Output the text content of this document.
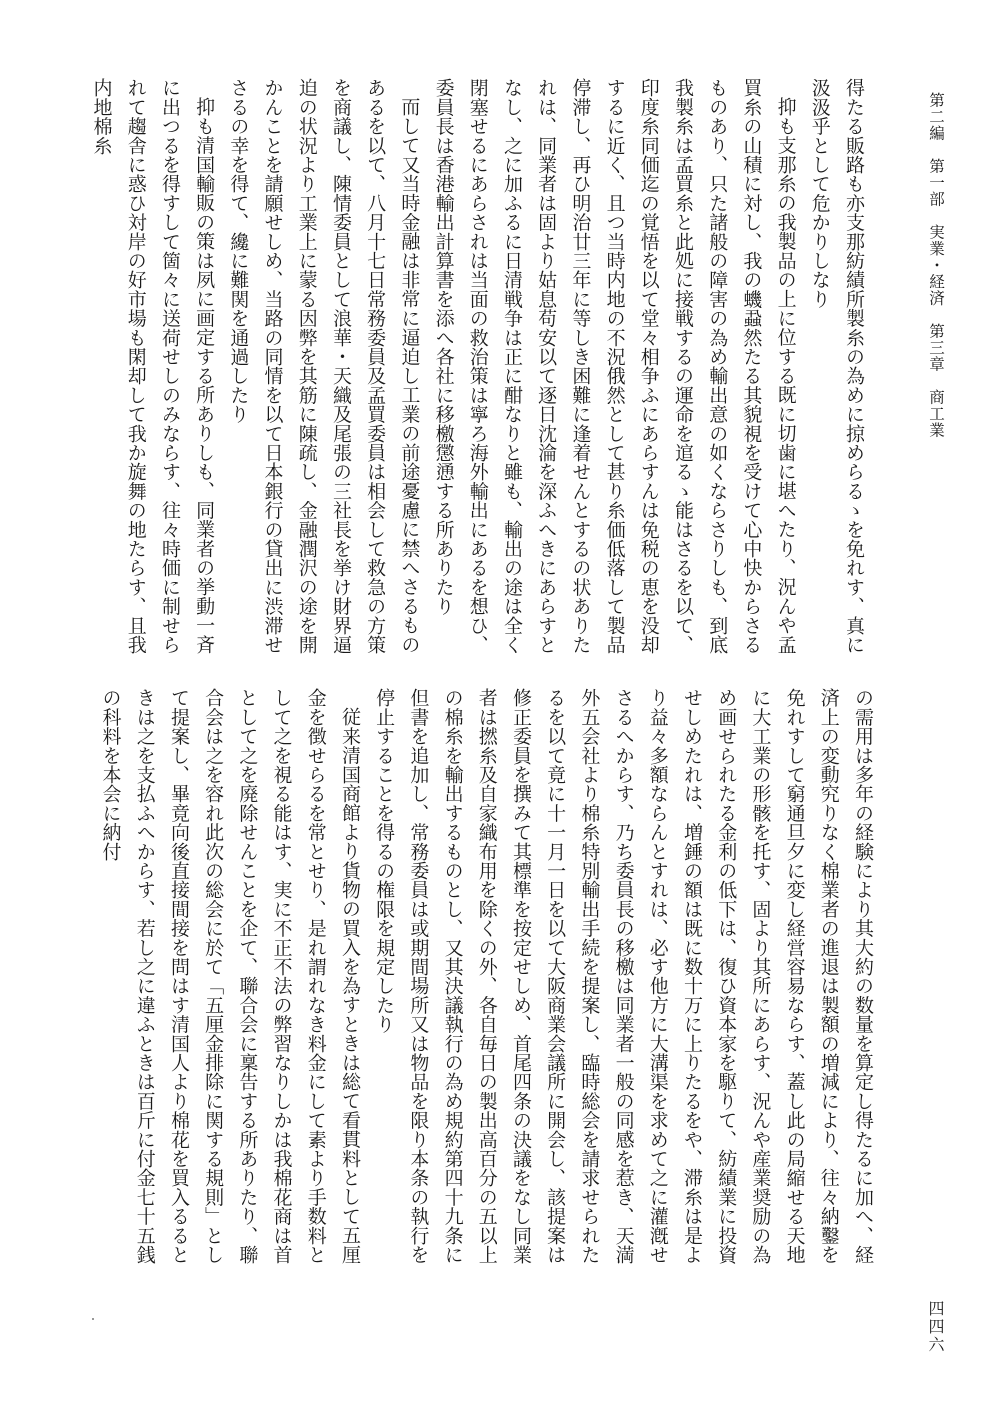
第二編　第一部　実業・経済　第三章　商工業
得たる販路も亦支那紡績所製糸の為めに掠めらるゝを免れす、真に汲汲乎として危かりしなり
抑も支那糸の我製品の上に位する既に切歯に堪へたり、況んや孟買糸の山積に対し、我の蟣蝨然たる其貌視を受けて心中快からさるものあり、只た諸般の障害の為め輸出意の如くならさりしも、到底我製糸は孟買糸と此処に接戦するの運命を逭るゝ能はさるを以て、印度糸同価迄の覚悟を以て堂々相争ふにあらすんは免税の恵を没却するに近く、且つ当時内地の不況俄然として甚り糸価低落して製品停滞し、再ひ明治廿三年に等しき困難に逢着せんとするの状ありたれは、同業者は固より姑息苟安以て逐日沈淪を深ふへきにあらすとなし、之に加ふるに日清戦争は正に酣なりと雖も、輸出の途は全く閉塞せるにあらされは当面の救治策は寧ろ海外輸出にあるを想ひ、委員長は香港輸出計算書を添へ各社に移檄懲慂する所ありたり
而して又当時金融は非常に逼迫し工業の前途憂慮に禁へさるものあるを以て、八月十七日常務委員及孟買委員は相会して救急の方策を商議し、陳情委員として浪華・天織及尾張の三社長を挙け財界逼迫の状況より工業上に蒙る因弊を其筋に陳疏し、金融潤沢の途を開かんことを請願せしめ、当路の同情を以て日本銀行の貸出に渋滞せさるの幸を得て、纔に難関を通過したり
抑も清国輸販の策は夙に画定する所ありしも、同業者の挙動一斉に出つるを得すして箇々に送荷せしのみならす、往々時価に制せられて趨舎に惑ひ対岸の好市場も閑却して我か旋舞の地たらす、且我内地棉糸
の需用は多年の経験により其大約の数量を算定し得たるに加へ、経済上の変動究りなく棉業者の進退は製額の増減により、往々納鑿を免れすして窮通旦夕に変し経営容易ならす、蓋し此の局縮せる天地に大工業の形骸を托す、固より其所にあらす、況んや産業奨励の為め画せられたる金利の低下は、復ひ資本家を駆りて、紡績業に投資せしめたれは、増錘の額は既に数十万に上りたるをや、滞糸は是より益々多額ならんとすれは、必す他方に大溝渠を求めて之に灌漑せさるへからす、乃ち委員長の移檄は同業者一般の同感を惹き、天満外五会社より棉糸特別輸出手続を提案し、臨時総会を請求せられたるを以て竟に十一月一日を以て大阪商業会議所に開会し、該提案は修正委員を撰みて其標準を按定せしめ、首尾四条の決議をなし同業者は撚糸及自家織布用を除くの外、各自毎日の製出高百分の五以上の棉糸を輸出するものとし、又其決議執行の為め規約第四十九条に但書を追加し、常務委員は或期間場所又は物品を限り本条の執行を停止することを得るの権限を規定したり
従来清国商館より貨物の買入を為すときは総て看貫料として五厘金を徴せらるを常とせり、是れ謂れなき料金にして素より手数料として之を視る能はす、実に不正不法の弊習なりしかは我棉花商は首として之を廃除せんことを企て、聯合会に稟告する所ありたり、聯合会は之を容れ此次の総会に於て「五厘金排除に関する規則」として提案し、畢竟向後直接間接を問はす清国人より棉花を買入るるときは之を支払ふへからす、若し之に違ふときは百斤に付金七十五銭の科料を本会に納付
四四六
